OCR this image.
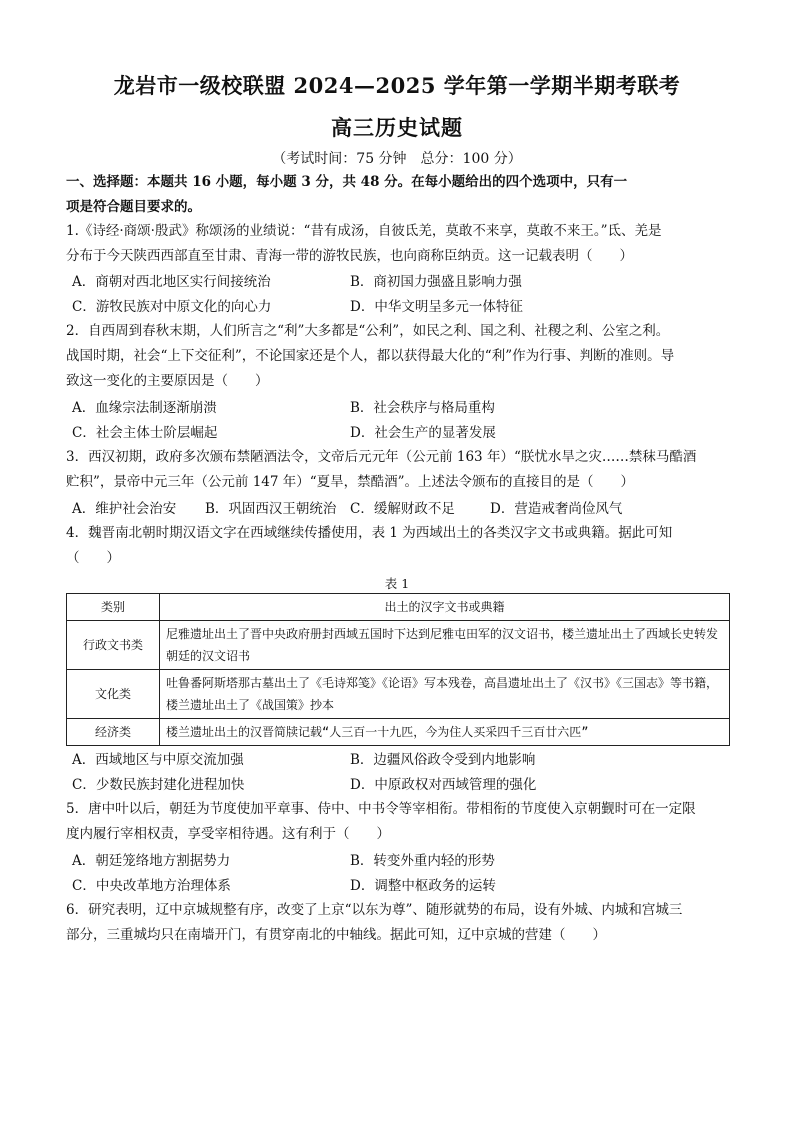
龙岩市一级校联盟 2024—2025 学年第一学期半期考联考
高三历史试题
（考试时间：75 分钟　总分：100 分）
一、选择题：本题共 16 小题，每小题 3 分，共 48 分。在每小题给出的四个选项中，只有一
项是符合题目要求的。
1.《诗经·商颂·殷武》称颂汤的业绩说：“昔有成汤，自彼氐羌，莫敢不来享，莫敢不来王。”氐、羌是
分布于今天陕西西部直至甘肃、青海一带的游牧民族，也向商称臣纳贡。这一记载表明（　　）
A．商朝对西北地区实行间接统治	B．商初国力强盛且影响力强
C．游牧民族对中原文化的向心力	D．中华文明呈多元一体特征
2．自西周到春秋末期，人们所言之“利”大多都是“公利”，如民之利、国之利、社稷之利、公室之利。
战国时期，社会“上下交征利”，不论国家还是个人，都以获得最大化的“利”作为行事、判断的准则。导
致这一变化的主要原因是（　　）
A．血缘宗法制逐渐崩溃	B．社会秩序与格局重构
C．社会主体士阶层崛起	D．社会生产的显著发展
3．西汉初期，政府多次颁布禁陋酒法令，文帝后元元年（公元前 163 年）“朕忧水旱之灾……禁秣马酷酒
贮积”，景帝中元三年（公元前 147 年）“夏旱，禁酷酒”。上述法令颁布的直接目的是（　　）
A．维护社会治安 B．巩固西汉王朝统治 C．缓解财政不足	D．营造戒奢尚俭风气
4．魏晋南北朝时期汉语文字在西域继续传播使用，表 1 为西域出土的各类汉字文书或典籍。据此可知
（　　）
表 1
类别	出土的汉字文书或典籍
行政文书类	尼雅遗址出土了晋中央政府册封西域五国时下达到尼雅屯田军的汉文诏书，楼兰遗址出土了西域长史转发朝廷的汉文诏书
文化类	吐鲁番阿斯塔那古墓出土了《毛诗郑笺》《论语》写本残卷，高昌遗址出土了《汉书》《三国志》等书籍，楼兰遗址出土了《战国策》抄本
经济类	楼兰遗址出土的汉晋简牍记载“人三百一十九匹，今为住人买采四千三百廿六匹”
A．西域地区与中原交流加强	B．边疆风俗政令受到内地影响
C．少数民族封建化进程加快	D．中原政权对西域管理的强化
5．唐中叶以后，朝廷为节度使加平章事、侍中、中书令等宰相衔。带相衔的节度使入京朝觐时可在一定限
度内履行宰相权责，享受宰相待遇。这有利于（　　）
A．朝廷笼络地方割据势力	B．转变外重内轻的形势
C．中央改革地方治理体系	D．调整中枢政务的运转
6．研究表明，辽中京城规整有序，改变了上京“以东为尊”、随形就势的布局，设有外城、内城和宫城三
部分，三重城均只在南墙开门，有贯穿南北的中轴线。据此可知，辽中京城的营建（　　）
